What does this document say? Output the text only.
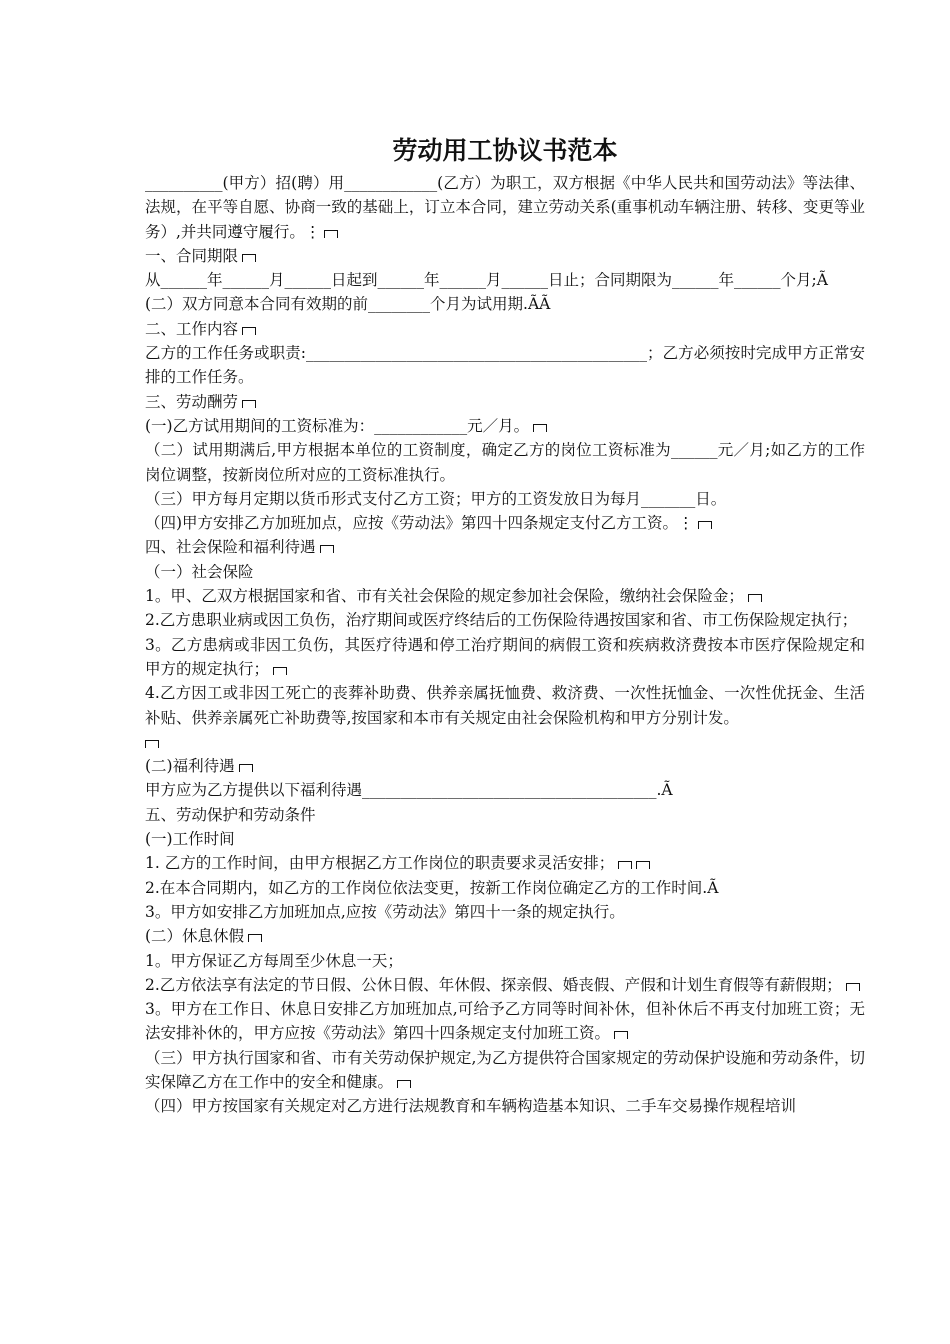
劳动用工协议书范本

__________(甲方）招(聘）用____________(乙方）为职工，双方根据《中华人民共和国劳动法》等法律、法规，在平等自愿、协商一致的基础上，订立本合同，建立劳动关系(重事机动车辆注册、转移、变更等业务）,并共同遵守履行。⋮

一、合同期限

从______年______月______日起到______年______月______日止；合同期限为______年______个月;Ã

(二）双方同意本合同有效期的前________个月为试用期.ÃÃ

二、工作内容

乙方的工作任务或职责:____________________________________________；乙方必须按时完成甲方正常安排的工作任务。

三、劳动酬劳

(一)乙方试用期间的工资标准为：____________元／月。

（二）试用期满后,甲方根据本单位的工资制度，确定乙方的岗位工资标准为______元／月;如乙方的工作岗位调整，按新岗位所对应的工资标准执行。

（三）甲方每月定期以货币形式支付乙方工资；甲方的工资发放日为每月_______日。

（四)甲方安排乙方加班加点，应按《劳动法》第四十四条规定支付乙方工资。⋮

四、社会保险和福利待遇

（一）社会保险

1。甲、乙双方根据国家和省、市有关社会保险的规定参加社会保险，缴纳社会保险金；

2.乙方患职业病或因工负伤，治疗期间或医疗终结后的工伤保险待遇按国家和省、市工伤保险规定执行；

3。乙方患病或非因工负伤，其医疗待遇和停工治疗期间的病假工资和疾病救济费按本市医疗保险规定和甲方的规定执行；

4.乙方因工或非因工死亡的丧葬补助费、供养亲属抚恤费、救济费、一次性抚恤金、一次性优抚金、生活补贴、供养亲属死亡补助费等,按国家和本市有关规定由社会保险机构和甲方分别计发。

(二)福利待遇

甲方应为乙方提供以下福利待遇______________________________________.Ã

五、劳动保护和劳动条件

(一)工作时间

1. 乙方的工作时间，由甲方根据乙方工作岗位的职责要求灵活安排；

2.在本合同期内，如乙方的工作岗位依法变更，按新工作岗位确定乙方的工作时间.Ã

3。甲方如安排乙方加班加点,应按《劳动法》第四十一条的规定执行。

(二）休息休假

1。甲方保证乙方每周至少休息一天；

2.乙方依法享有法定的节日假、公休日假、年休假、探亲假、婚丧假、产假和计划生育假等有薪假期；

3。甲方在工作日、休息日安排乙方加班加点,可给予乙方同等时间补休，但补休后不再支付加班工资；无法安排补休的，甲方应按《劳动法》第四十四条规定支付加班工资。

（三）甲方执行国家和省、市有关劳动保护规定,为乙方提供符合国家规定的劳动保护设施和劳动条件，切实保障乙方在工作中的安全和健康。

（四）甲方按国家有关规定对乙方进行法规教育和车辆构造基本知识、二手车交易操作规程培训
